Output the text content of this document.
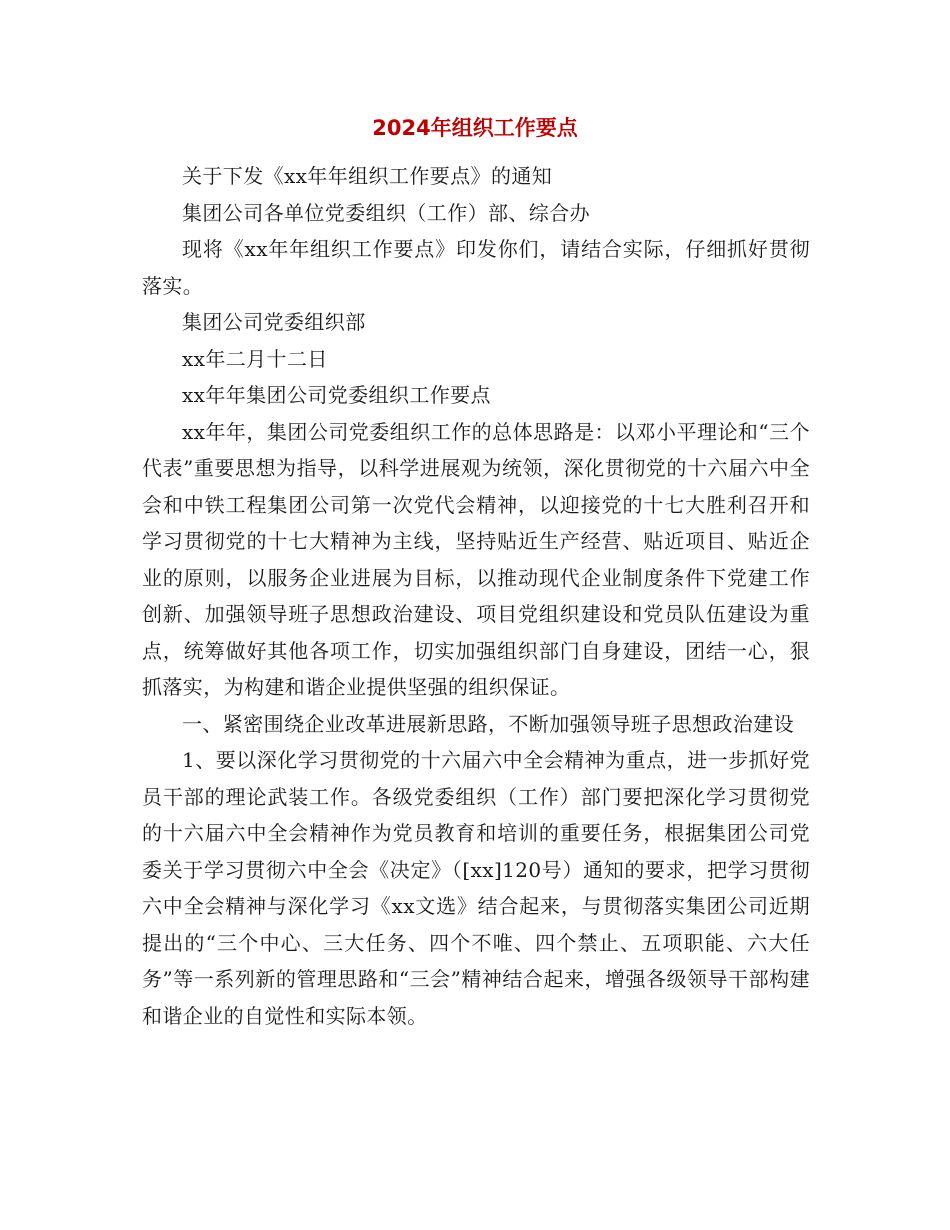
2024年组织工作要点

关于下发《xx年年组织工作要点》的通知

集团公司各单位党委组织（工作）部、综合办

现将《xx年年组织工作要点》印发你们，请结合实际，仔细抓好贯彻落实。

集团公司党委组织部

xx年二月十二日

xx年年集团公司党委组织工作要点

xx年年，集团公司党委组织工作的总体思路是：以邓小平理论和“三个代表”重要思想为指导，以科学进展观为统领，深化贯彻党的十六届六中全会和中铁工程集团公司第一次党代会精神，以迎接党的十七大胜利召开和学习贯彻党的十七大精神为主线，坚持贴近生产经营、贴近项目、贴近企业的原则，以服务企业进展为目标，以推动现代企业制度条件下党建工作创新、加强领导班子思想政治建设、项目党组织建设和党员队伍建设为重点，统筹做好其他各项工作，切实加强组织部门自身建设，团结一心，狠抓落实，为构建和谐企业提供坚强的组织保证。

一、紧密围绕企业改革进展新思路，不断加强领导班子思想政治建设

1、要以深化学习贯彻党的十六届六中全会精神为重点，进一步抓好党员干部的理论武装工作。各级党委组织（工作）部门要把深化学习贯彻党的十六届六中全会精神作为党员教育和培训的重要任务，根据集团公司党委关于学习贯彻六中全会《决定》（[xx]120号）通知的要求，把学习贯彻六中全会精神与深化学习《xx文选》结合起来，与贯彻落实集团公司近期提出的“三个中心、三大任务、四个不唯、四个禁止、五项职能、六大任务”等一系列新的管理思路和“三会”精神结合起来，增强各级领导干部构建和谐企业的自觉性和实际本领。
